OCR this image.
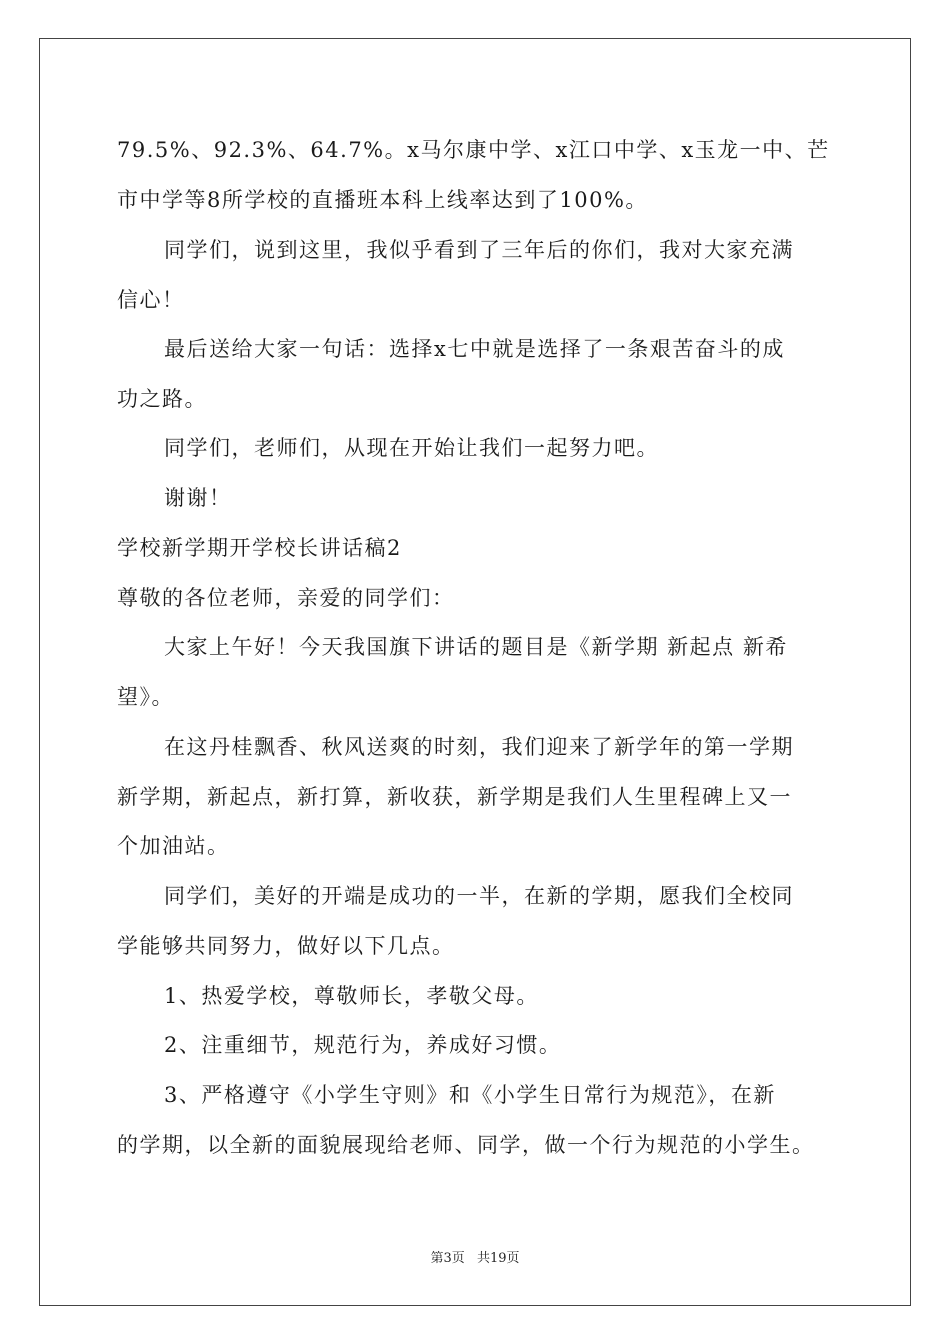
79.5%、92.3%、64.7%。x马尔康中学、x江口中学、x玉龙一中、芒
市中学等8所学校的直播班本科上线率达到了100%。
同学们，说到这里，我似乎看到了三年后的你们，我对大家充满
信心！
最后送给大家一句话：选择x七中就是选择了一条艰苦奋斗的成
功之路。
同学们，老师们，从现在开始让我们一起努力吧。
谢谢！
学校新学期开学校长讲话稿2
尊敬的各位老师，亲爱的同学们：
大家上午好！今天我国旗下讲话的题目是《新学期 新起点 新希
望》。
在这丹桂飘香、秋风送爽的时刻，我们迎来了新学年的第一学期
新学期，新起点，新打算，新收获，新学期是我们人生里程碑上又一
个加油站。
同学们，美好的开端是成功的一半，在新的学期，愿我们全校同
学能够共同努力，做好以下几点。
1、热爱学校，尊敬师长，孝敬父母。
2、注重细节，规范行为，养成好习惯。
3、严格遵守《小学生守则》和《小学生日常行为规范》，在新
的学期，以全新的面貌展现给老师、同学，做一个行为规范的小学生。
第3页 共19页
